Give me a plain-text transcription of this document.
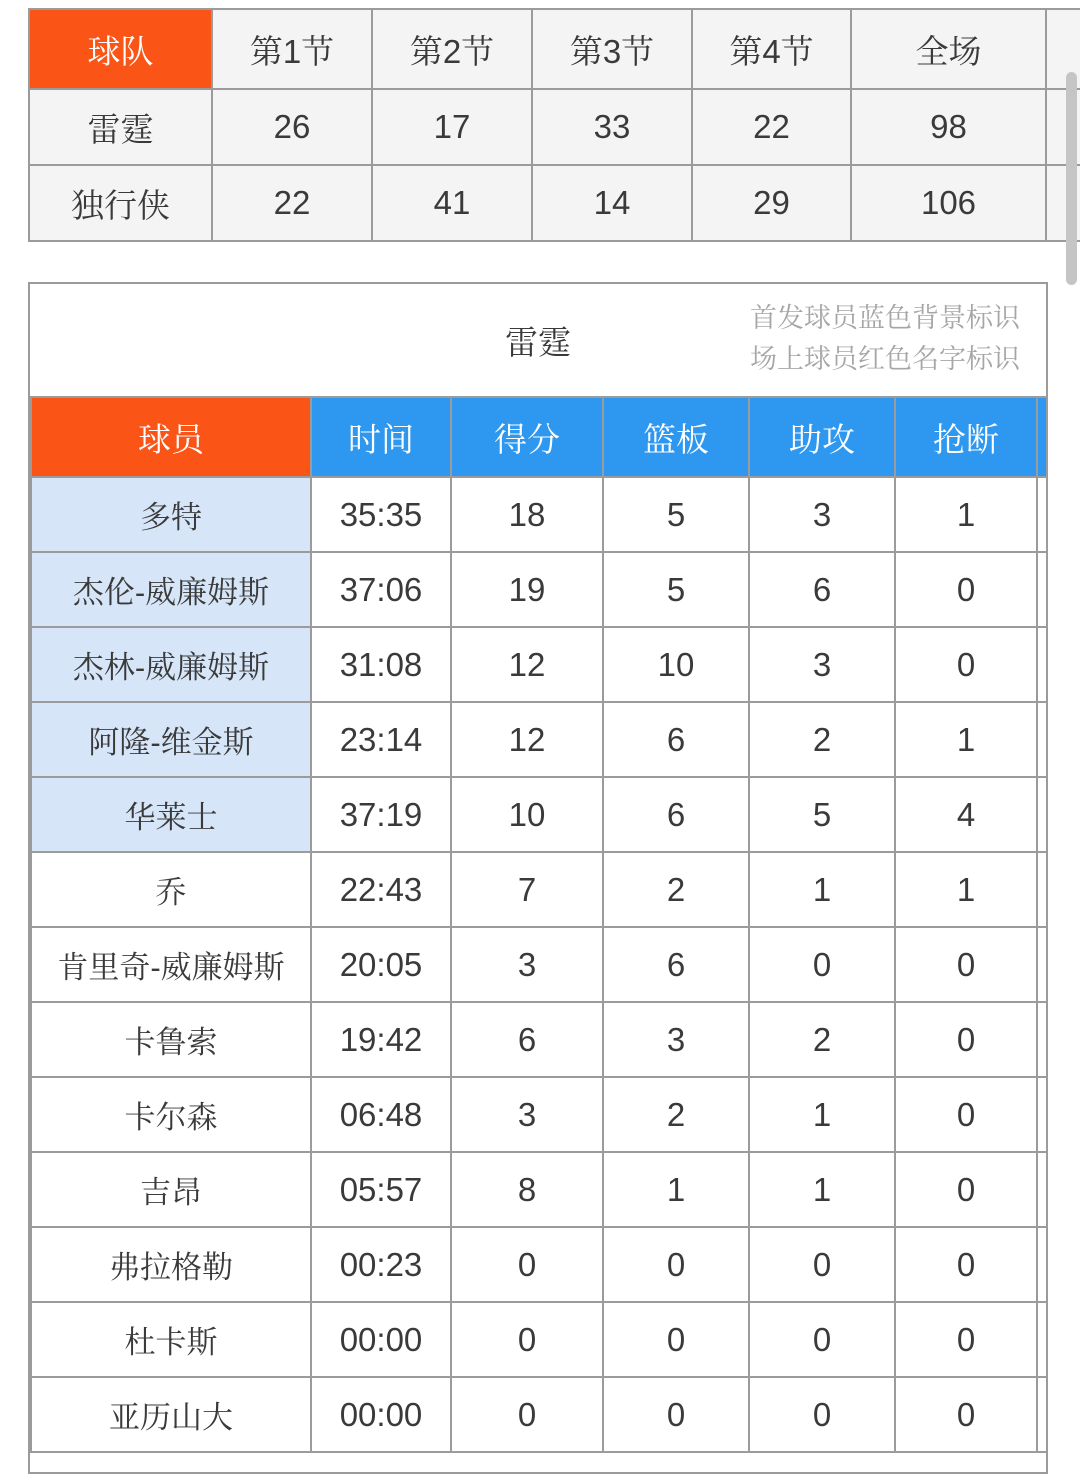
球队	第1节	第2节	第3节	第4节	全场	
雷霆	26	17	33	22	98	
独行侠	22	41	14	29	106	
雷霆
首发球员蓝色背景标识
场上球员红色名字标识
球员	时间	得分	篮板	助攻	抢断	
多特	35:35	18	5	3	1	
杰伦-威廉姆斯	37:06	19	5	6	0	
杰林-威廉姆斯	31:08	12	10	3	0	
阿隆-维金斯	23:14	12	6	2	1	
华莱士	37:19	10	6	5	4	
乔	22:43	7	2	1	1	
肯里奇-威廉姆斯	20:05	3	6	0	0	
卡鲁索	19:42	6	3	2	0	
卡尔森	06:48	3	2	1	0	
吉昂	05:57	8	1	1	0	
弗拉格勒	00:23	0	0	0	0	
杜卡斯	00:00	0	0	0	0	
亚历山大	00:00	0	0	0	0	
